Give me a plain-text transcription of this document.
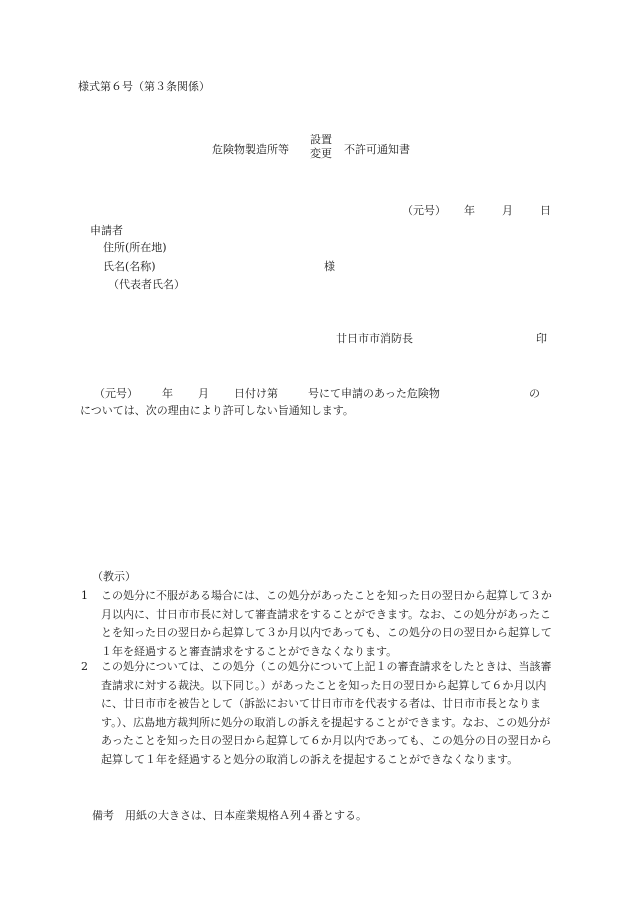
様式第６号（第３条関係）
危険物製造所等
設置
変更 不許可通知書
（元号） 年 月 日
申請者
住所(所在地)
氏名(名称)	様
（代表者氏名）
廿日市市消防長	印
（元号） 年 月 日付け第	号にて申請のあった危険物	の
については、次の理由により許可しない旨通知します。
（教示）
1 この処分に不服がある場合には、この処分があったことを知った日の翌日から起算して３か月以内に、廿日市市長に対して審査請求をすることができます。なお、この処分があったことを知った日の翌日から起算して３か月以内であっても、この処分の日の翌日から起算して１年を経過すると審査請求をすることができなくなります。
2 この処分については、この処分（この処分について上記１の審査請求をしたときは、当該審査請求に対する裁決。以下同じ。）があったことを知った日の翌日から起算して６か月以内に、廿日市市を被告として（訴訟において廿日市市を代表する者は、廿日市市長となります。）、広島地方裁判所に処分の取消しの訴えを提起することができます。なお、この処分があったことを知った日の翌日から起算して６か月以内であっても、この処分の日の翌日から起算して１年を経過すると処分の取消しの訴えを提起することができなくなります。
備考　用紙の大きさは、日本産業規格Ａ列４番とする。
